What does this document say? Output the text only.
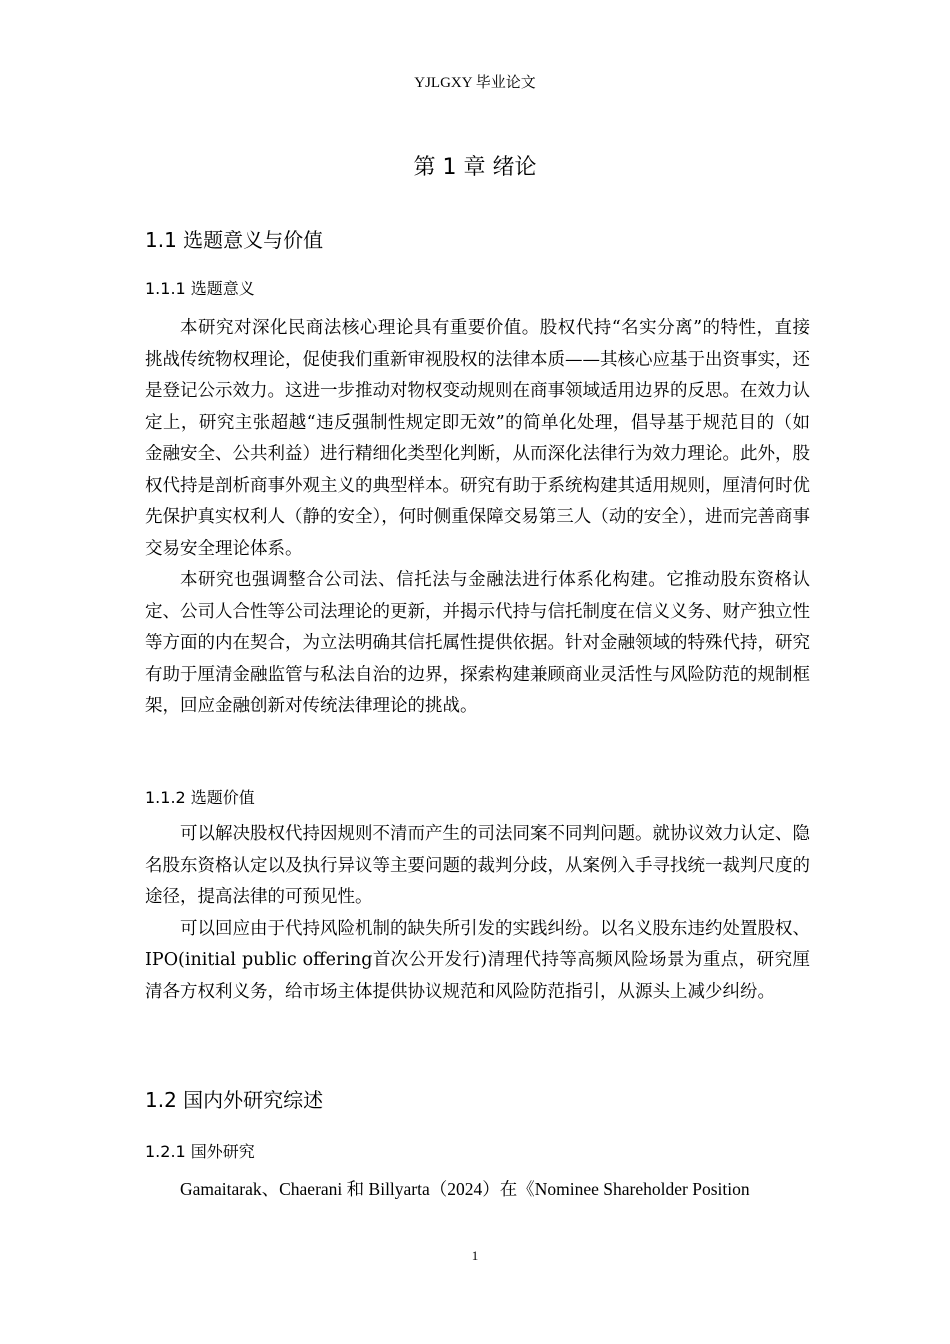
YJLGXY 毕业论文
第 1 章 绪论
1.1 选题意义与价值
1.1.1 选题意义

本研究对深化民商法核心理论具有重要价值。股权代持“名实分离”的特性，直接挑战传统物权理论，促使我们重新审视股权的法律本质——其核心应基于出资事实，还是登记公示效力。这进一步推动对物权变动规则在商事领域适用边界的反思。在效力认定上，研究主张超越“违反强制性规定即无效”的简单化处理，倡导基于规范目的（如金融安全、公共利益）进行精细化类型化判断，从而深化法律行为效力理论。此外，股权代持是剖析商事外观主义的典型样本。研究有助于系统构建其适用规则，厘清何时优先保护真实权利人（静的安全），何时侧重保障交易第三人（动的安全），进而完善商事交易安全理论体系。

本研究也强调整合公司法、信托法与金融法进行体系化构建。它推动股东资格认定、公司人合性等公司法理论的更新，并揭示代持与信托制度在信义义务、财产独立性等方面的内在契合，为立法明确其信托属性提供依据。针对金融领域的特殊代持，研究有助于厘清金融监管与私法自治的边界，探索构建兼顾商业灵活性与风险防范的规制框架，回应金融创新对传统法律理论的挑战。

1.1.2 选题价值

可以解决股权代持因规则不清而产生的司法同案不同判问题。就协议效力认定、隐名股东资格认定以及执行异议等主要问题的裁判分歧，从案例入手寻找统一裁判尺度的途径，提高法律的可预见性。

可以回应由于代持风险机制的缺失所引发的实践纠纷。以名义股东违约处置股权、IPO(initial public offering首次公开发行)清理代持等高频风险场景为重点，研究厘清各方权利义务，给市场主体提供协议规范和风险防范指引，从源头上减少纠纷。

1.2 国内外研究综述
1.2.1 国外研究

Gamaitarak、Chaerani 和 Billyarta（2024）在《Nominee Shareholder Position

1
